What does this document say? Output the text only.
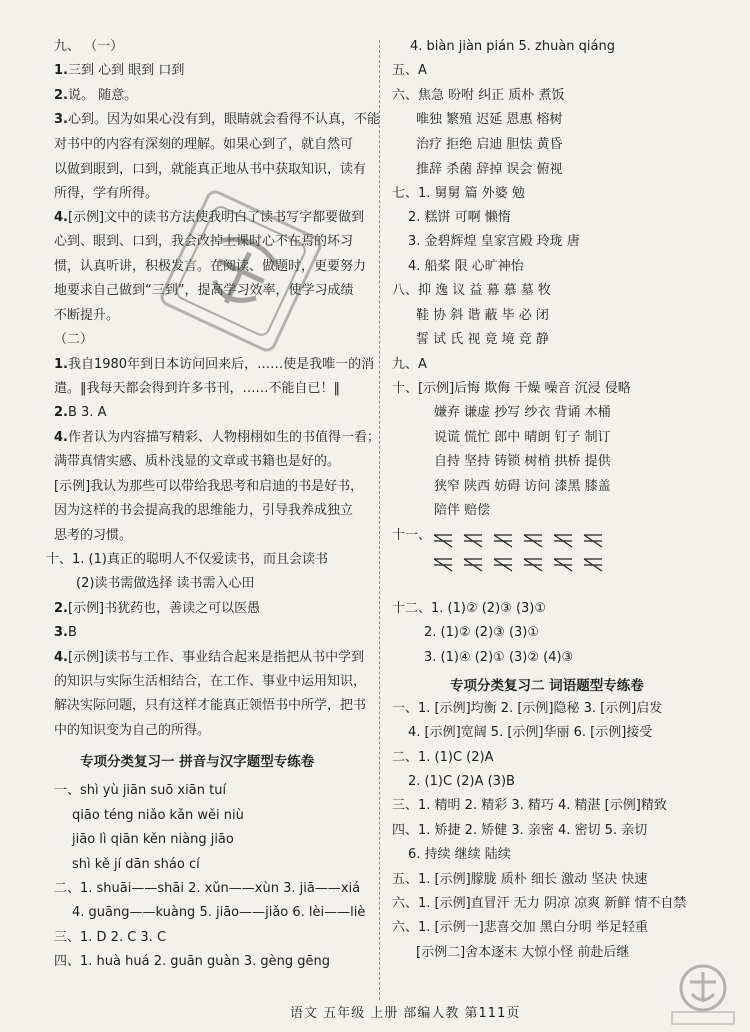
九、 （一）
1.三到 心到 眼到 口到
2.说。 随意。
3.心到。因为如果心没有到，眼睛就会看得不认真，不能
对书中的内容有深刻的理解。如果心到了，就自然可
以做到眼到，口到，就能真正地从书中获取知识，读有
所得，学有所得。
4.[示例]文中的读书方法使我明白了读书写字都要做到
心到、眼到、口到，我会改掉上课时心不在焉的坏习
惯，认真听讲，积极发言。在阅读、做题时，更要努力
地要求自己做到“三到”，提高学习效率，使学习成绩
不断提升。
（二）
1.我自1980年到日本访问回来后，……使是我唯一的消
遣。‖我每天都会得到许多书刊，……不能自已！‖
2.B 3. A
4.作者认为内容描写精彩、人物栩栩如生的书值得一看；
满带真情实感、质朴浅显的文章或书籍也是好的。
[示例]我认为那些可以带给我思考和启迪的书是好书，
因为这样的书会提高我的思维能力，引导我养成独立
思考的习惯。
十、1. (1)真正的聪明人不仅爱读书，而且会读书
(2)读书需做选择 读书需入心田
2.[示例]书犹药也，善读之可以医愚
3.B
4.[示例]读书与工作、事业结合起来是指把从书中学到
的知识与实际生活相结合，在工作、事业中运用知识，
解决实际问题，只有这样才能真正领悟书中所学，把书
中的知识变为自己的所得。
专项分类复习一 拼音与汉字题型专练卷
一、shì yù jiān suō xiān tuí
qiāo téng niǎo kǎn wěi niù
jiāo lì qiān kěn niàng jiāo
shì kě jí dān sháo cí
二、1. shuāi——shāi 2. xǔn——xùn 3. jiā——xiá
4. guāng——kuàng 5. jiāo——jiǎo 6. lèi——liè
三、1. D 2. C 3. C
四、1. huà huá 2. guān guàn 3. gèng gēng
4. biàn jiàn pián 5. zhuàn qiáng
五、A
六、焦急 吩咐 纠正 质朴 煮饭
唯独 繁殖 迟延 恩惠 榕树
治疗 拒绝 启迪 胆怯 黄昏
推辞 杀菌 辞掉 误会 俯视
七、1. 舅舅 篇 外婆 勉
2. 糕饼 可啊 懒惰
3. 金碧辉煌 皇家宫殿 玲珑 唐
4. 船桨 限 心旷神怡
八、抑 逸 议 益 幕 慕 墓 牧
鞋 协 斜 谐 蔽 毕 必 闭
誓 试 氏 视 竟 境 竞 静
九、A
十、[示例]后悔 欺侮 干燥 噪音 沉浸 侵略
嫌弃 谦虚 抄写 纱衣 背诵 木桶
说谎 慌忙 郎中 晴朗 钉子 制订
自持 坚持 铸锁 树梢 拱桥 提供
狭窄 陕西 妨碍 访问 漆黑 膝盖
陪伴 赔偿
十一、
十二、1. (1)② (2)③ (3)①
2. (1)② (2)③ (3)①
3. (1)④ (2)① (3)② (4)③
专项分类复习二 词语题型专练卷
一、1. [示例]均衡 2. [示例]隐秘 3. [示例]启发
4. [示例]宽阔 5. [示例]华丽 6. [示例]接受
二、1. (1)C (2)A
2. (1)C (2)A (3)B
三、1. 精明 2. 精彩 3. 精巧 4. 精湛 [示例]精致
四、1. 矫捷 2. 矫健 3. 亲密 4. 密切 5. 亲切
6. 持续 继续 陆续
五、1. [示例]朦胧 质朴 细长 激动 坚决 快速
六、1. [示例]直冒汗 无力 阴凉 凉爽 新鲜 情不自禁
六、1. [示例一]悲喜交加 黑白分明 举足轻重
[示例二]舍本逐末 大惊小怪 前赴后继
语文 五年级 上册 部编人教 第111页
